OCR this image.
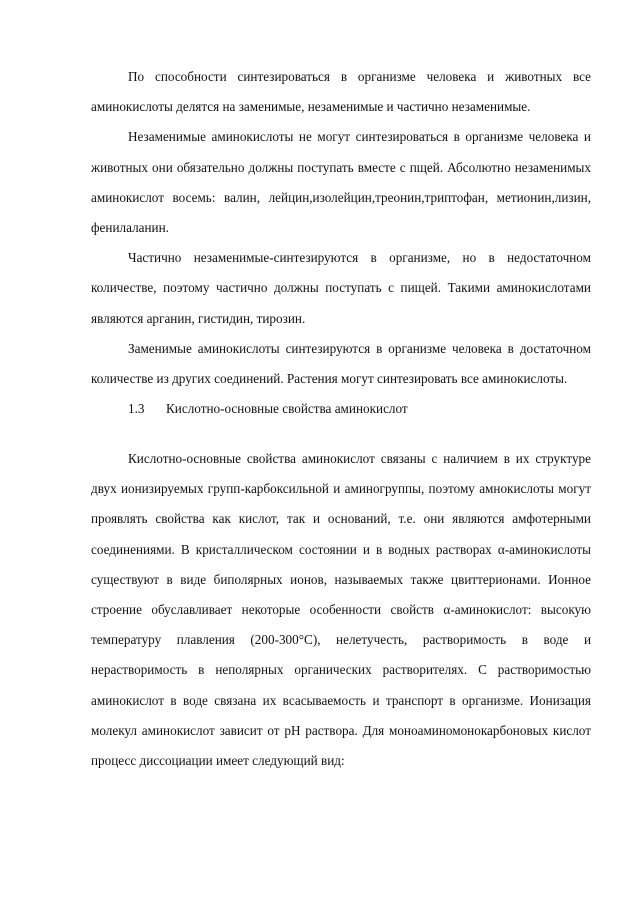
По способности синтезироваться в организме человека и животных все аминокислоты делятся на заменимые, незаменимые и частично незаменимые.

Незаменимые аминокислоты не могут синтезироваться в организме человека и животных они обязательно должны поступать вместе с пщей. Абсолютно незаменимых аминокислот восемь: валин, лейцин,изолейцин,треонин,триптофан, метионин,лизин, фенилаланин.

Частично незаменимые-синтезируются в организме, но в недостаточном количестве, поэтому частично должны поступать с пищей. Такими аминокислотами являются арганин, гистидин, тирозин.

Заменимые аминокислоты синтезируются в организме человека в достаточном количестве из других соединений. Растения могут синтезировать все аминокислоты.

1.3 Кислотно-основные свойства аминокислот

Кислотно-основные свойства аминокислот связаны с наличием в их структуре двух ионизируемых групп-карбоксильной и аминогруппы, поэтому амнокислоты могут проявлять свойства как кислот, так и оснований, т.е. они являются амфотерными соединениями. В кристаллическом состоянии и в водных растворах α-аминокислоты существуют в виде биполярных ионов, называемых также цвиттерионами. Ионное строение обуславливает некоторые особенности свойств α-аминокислот: высокую температуру плавления (200-300°С), нелетучесть, растворимость в воде и нерастворимость в неполярных органических растворителях. С растворимостью аминокислот в воде связана их всасываемость и транспорт в организме. Ионизация молекул аминокислот зависит от рН раствора. Для моноаминомонокарбоновых кислот процесс диссоциации имеет следующий вид:
